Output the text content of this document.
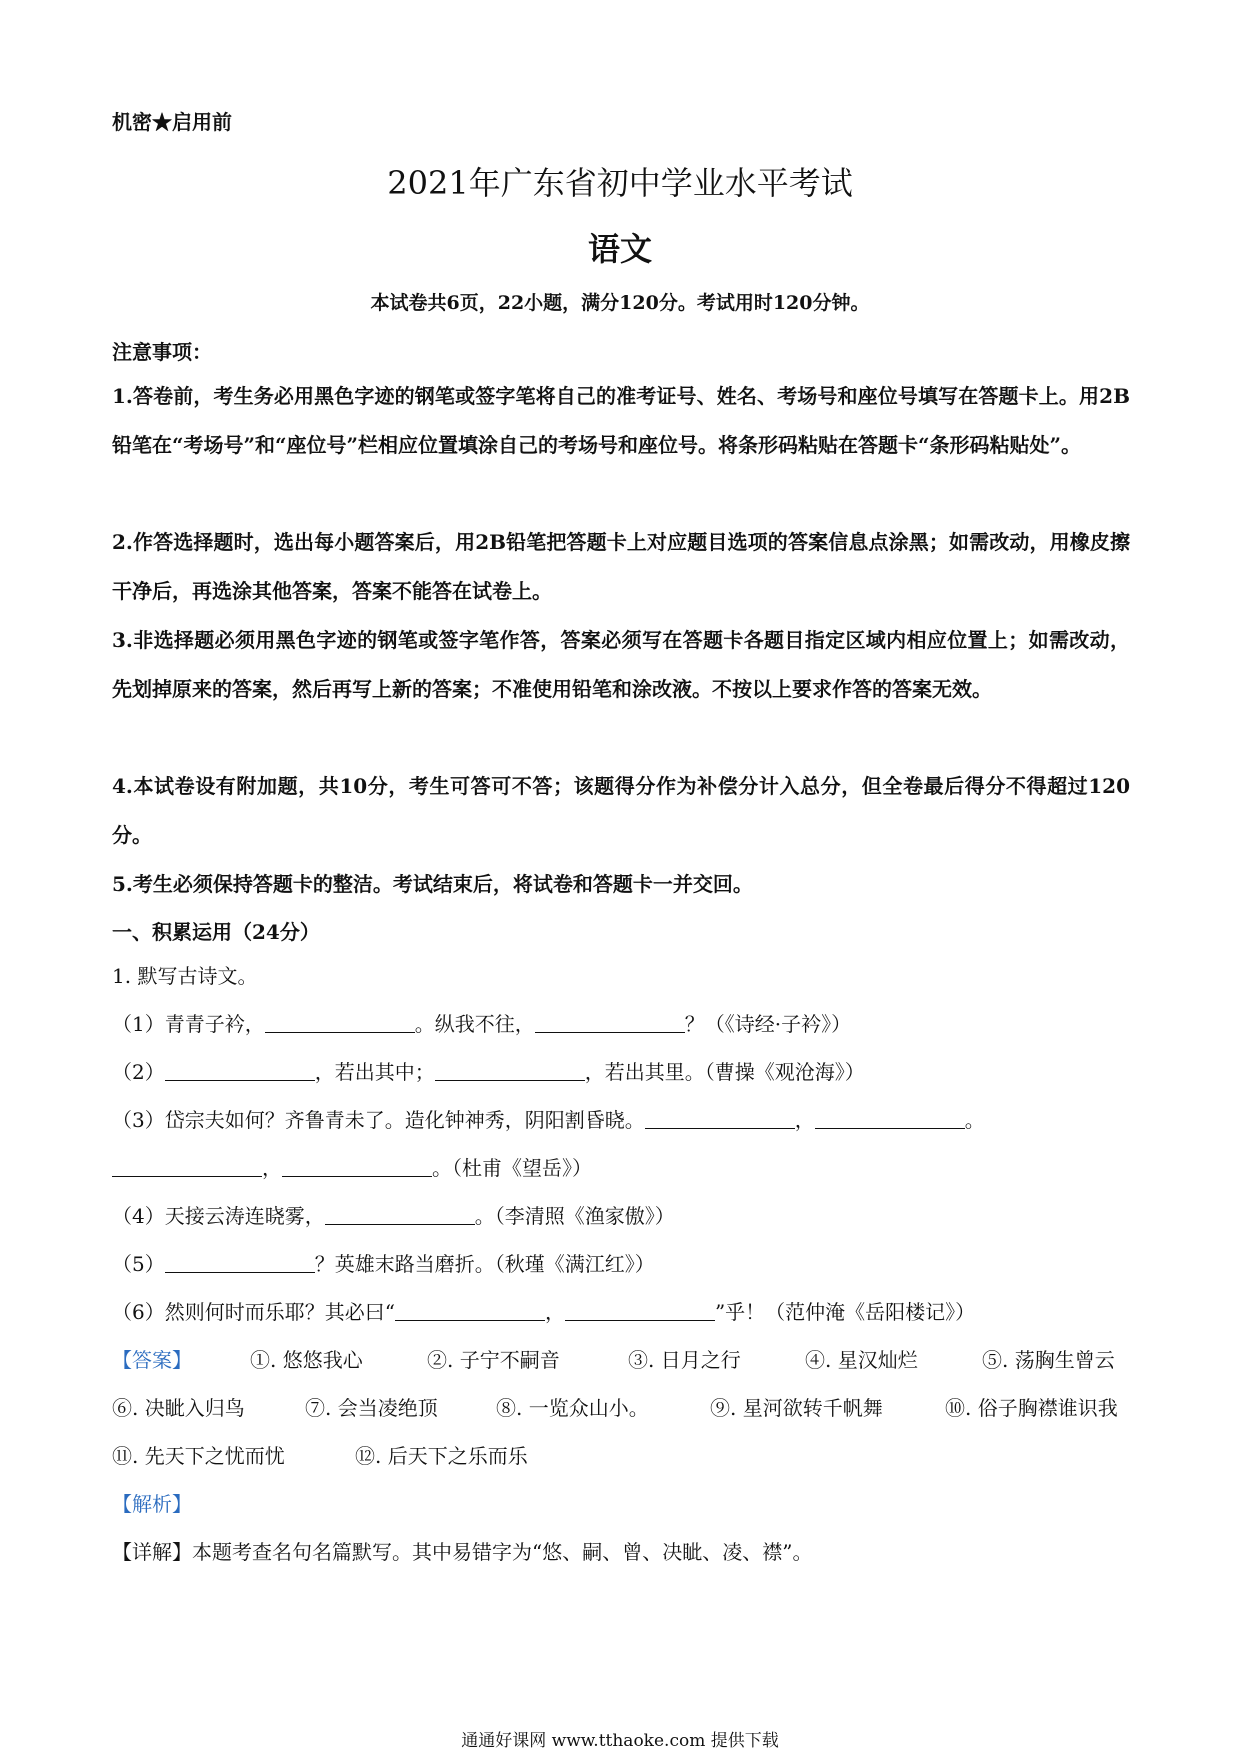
机密★启用前
2021年广东省初中学业水平考试
语文
本试卷共6页，22小题，满分120分。考试用时120分钟。
注意事项：
1.答卷前，考生务必用黑色字迹的钢笔或签字笔将自己的准考证号、姓名、考场号和座位号填写在答题卡上。用2B铅笔在“考场号”和“座位号”栏相应位置填涂自己的考场号和座位号。将条形码粘贴在答题卡“条形码粘贴处”。
2.作答选择题时，选出每小题答案后，用2B铅笔把答题卡上对应题目选项的答案信息点涂黑；如需改动，用橡皮擦干净后，再选涂其他答案，答案不能答在试卷上。
3.非选择题必须用黑色字迹的钢笔或签字笔作答，答案必须写在答题卡各题目指定区域内相应位置上；如需改动，先划掉原来的答案，然后再写上新的答案；不准使用铅笔和涂改液。不按以上要求作答的答案无效。
4.本试卷设有附加题，共10分，考生可答可不答；该题得分作为补偿分计入总分，但全卷最后得分不得超过120分。
5.考生必须保持答题卡的整洁。考试结束后，将试卷和答题卡一并交回。
一、积累运用（24分）
1. 默写古诗文。
（1）青青子衿，	。纵我不往，	？（《诗经·子衿》）
（2）	，若出其中；	，若出其里。（曹操《观沧海》）
（3）岱宗夫如何？齐鲁青未了。造化钟神秀，阴阳割昏晓。	，	。
，	。（杜甫《望岳》）
（4）天接云涛连晓雾，	。（李清照《渔家傲》）
（5）	？英雄末路当磨折。（秋瑾《满江红》）
（6）然则何时而乐耶？其必曰“	，	”乎！（范仲淹《岳阳楼记》）
【答案】	①. 悠悠我心	②. 子宁不嗣音	③. 日月之行	④. 星汉灿烂	⑤. 荡胸生曾云
⑥. 决眦入归鸟	⑦. 会当凌绝顶	⑧. 一览众山小。	⑨. 星河欲转千帆舞	⑩. 俗子胸襟谁识我
⑪. 先天下之忧而忧	⑫. 后天下之乐而乐
【解析】
【详解】本题考查名句名篇默写。其中易错字为“悠、嗣、曾、决眦、凌、襟”。
通通好课网 www.tthaoke.com 提供下载
